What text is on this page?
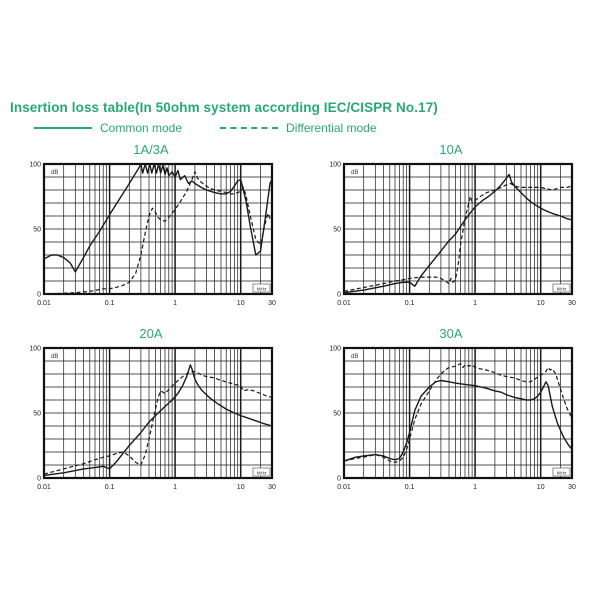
Insertion loss table(In 50ohm system according IEC/CISPR No.17)
Common mode	Differential mode
1A/3A
0
50
100
0.01	0.1	1	10	30
dB
MHz
10A
0
50
100
0.01	0.1	1	10	30
dB
MHz
20A
0
50
100
0.01	0.1	1	10	30
dB
MHz
30A
0
50
100
0.01	0.1	1	10	30
dB
MHz
